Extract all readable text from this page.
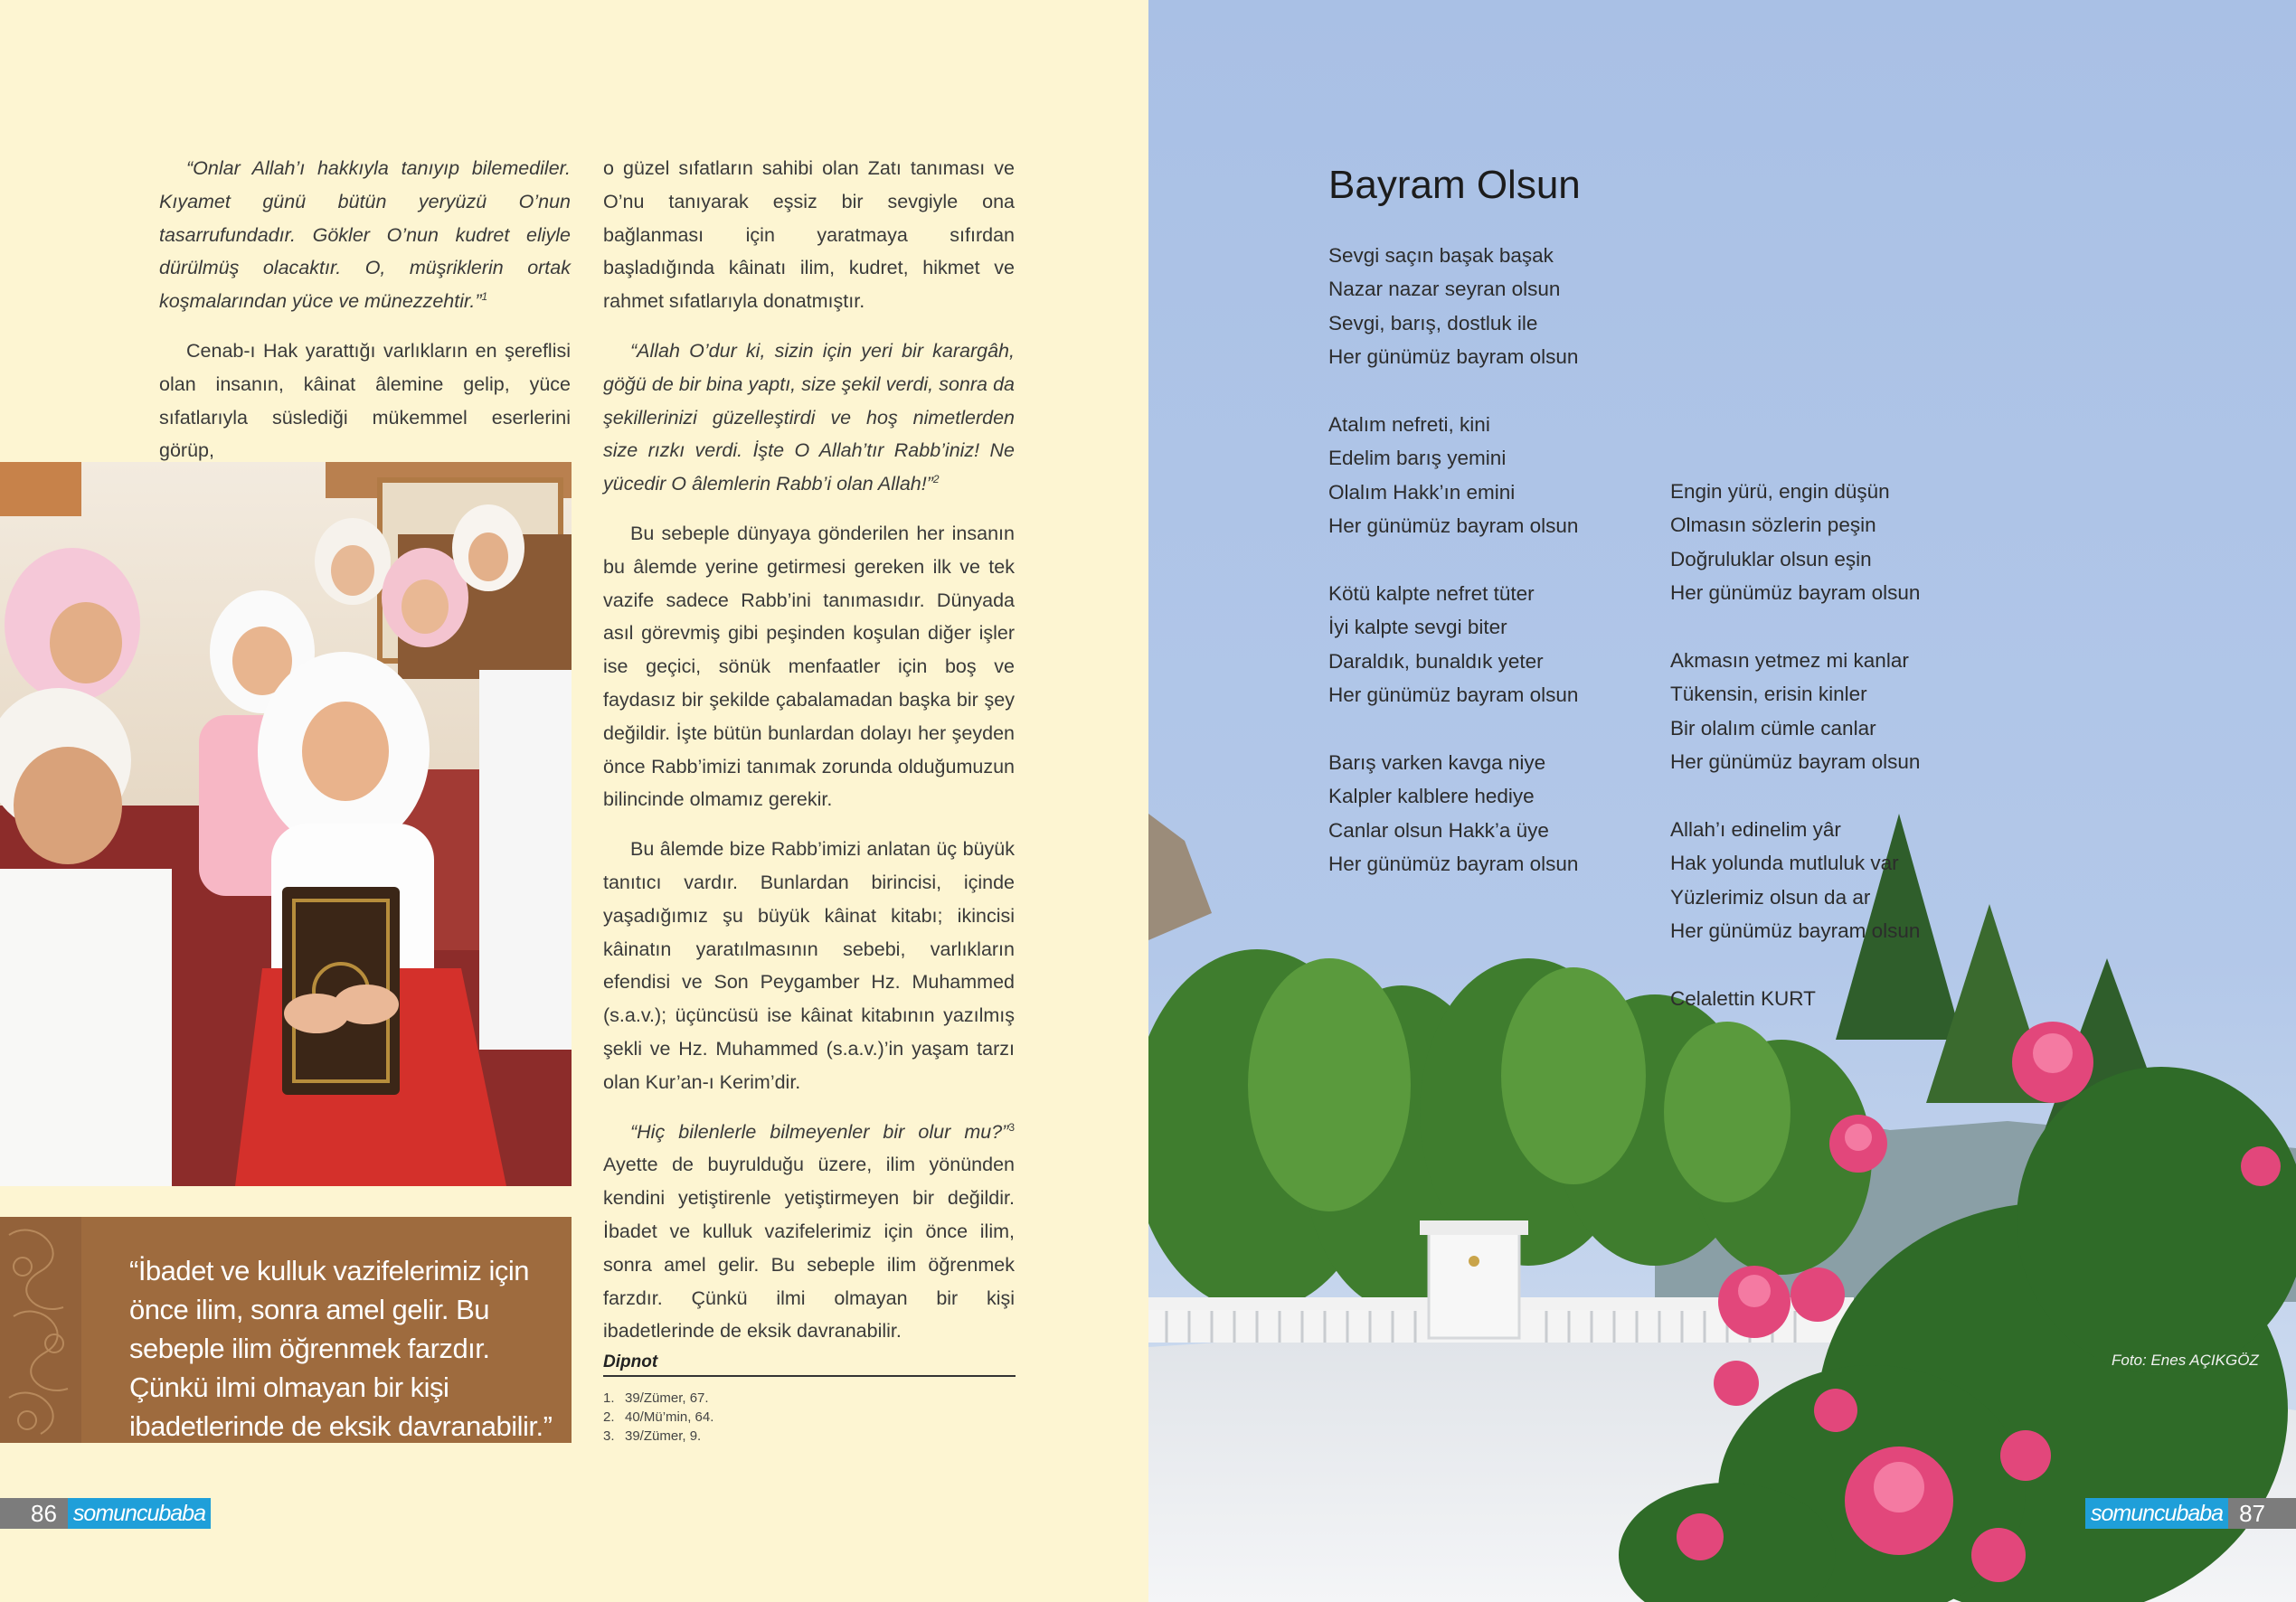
“Onlar Allah’ı hakkıyla tanıyıp bilemediler. Kıyamet günü bütün yeryüzü O’nun tasarrufundadır. Gökler O’nun kudret eliyle dürülmüş olacaktır. O, müşriklerin ortak koşmalarından yüce ve münezzehtir.”$^1$

Cenab-ı Hak yarattığı varlıkların en şereflisi olan insanın, kâinat âlemine gelip, yüce sıfatlarıyla süslediği mükemmel eserlerini görüp,

o güzel sıfatların sahibi olan Zatı tanıması ve O’nu tanıyarak eşsiz bir sevgiyle ona bağlanması için yaratmaya sıfırdan başladığında kâinatı ilim, kudret, hikmet ve rahmet sıfatlarıyla donatmıştır.

“Allah O’dur ki, sizin için yeri bir karargâh, göğü de bir bina yaptı, size şekil verdi, sonra da şekillerinizi güzelleştirdi ve hoş nimetlerden size rızkı verdi. İşte O Allah’tır Rabb’iniz! Ne yücedir O âlemlerin Rabb’i olan Allah!”$^2$

Bu sebeple dünyaya gönderilen her insanın bu âlemde yerine getirmesi gereken ilk ve tek vazife sadece Rabb’ini tanımasıdır. Dünyada asıl görevmiş gibi peşinden koşulan diğer işler ise geçici, sönük menfaatler için boş ve faydasız bir şekilde çabalamadan başka bir şey değildir. İşte bütün bunlardan dolayı her şeyden önce Rabb’imizi tanımak zorunda olduğumuzun bilincinde olmamız gerekir.

Bu âlemde bize Rabb’imizi anlatan üç büyük tanıtıcı vardır. Bunlardan birincisi, içinde yaşadığımız şu büyük kâinat kitabı; ikincisi kâinatın yaratılmasının sebebi, varlıkların efendisi ve Son Peygamber Hz. Muhammed (s.a.v.); üçüncüsü ise kâinat kitabının yazılmış şekli ve Hz. Muhammed (s.a.v.)’in yaşam tarzı olan Kur’an-ı Kerim’dir.

“Hiç bilenlerle bilmeyenler bir olur mu?”$^3$ Ayette de buyrulduğu üzere, ilim yönünden kendini yetiştirenle yetiştirmeyen bir değildir. İbadet ve kulluk vazifelerimiz için önce ilim, sonra amel gelir. Bu sebeple ilim öğrenmek farzdır. Çünkü ilmi olmayan bir kişi ibadetlerinde de eksik davranabilir.

“İbadet ve kulluk vazifelerimiz için önce ilim, sonra amel gelir. Bu sebeple ilim öğrenmek farzdır. Çünkü ilmi olmayan bir kişi ibadetlerinde de eksik davranabilir.”
Dipnot
1. 39/Zümer, 67.
2. 40/Mü’min, 64.
3. 39/Zümer, 9.
86 somuncubaba
Bayram Olsun
Sevgi saçın başak başak
Nazar nazar seyran olsun
Sevgi, barış, dostluk ile
Her günümüz bayram olsun
Atalım nefreti, kini
Edelim barış yemini
Olalım Hakk’ın emini
Her günümüz bayram olsun
Kötü kalpte nefret tüter
İyi kalpte sevgi biter
Daraldık, bunaldık yeter
Her günümüz bayram olsun
Barış varken kavga niye
Kalpler kalblere hediye
Canlar olsun Hakk’a üye
Her günümüz bayram olsun
Engin yürü, engin düşün
Olmasın sözlerin peşin
Doğruluklar olsun eşin
Her günümüz bayram olsun
Akmasın yetmez mi kanlar
Tükensin, erisin kinler
Bir olalım cümle canlar
Her günümüz bayram olsun
Allah’ı edinelim yâr
Hak yolunda mutluluk var
Yüzlerimiz olsun da ar
Her günümüz bayram olsun
Celalettin KURT
Foto: Enes AÇIKGÖZ
somuncubaba 87
